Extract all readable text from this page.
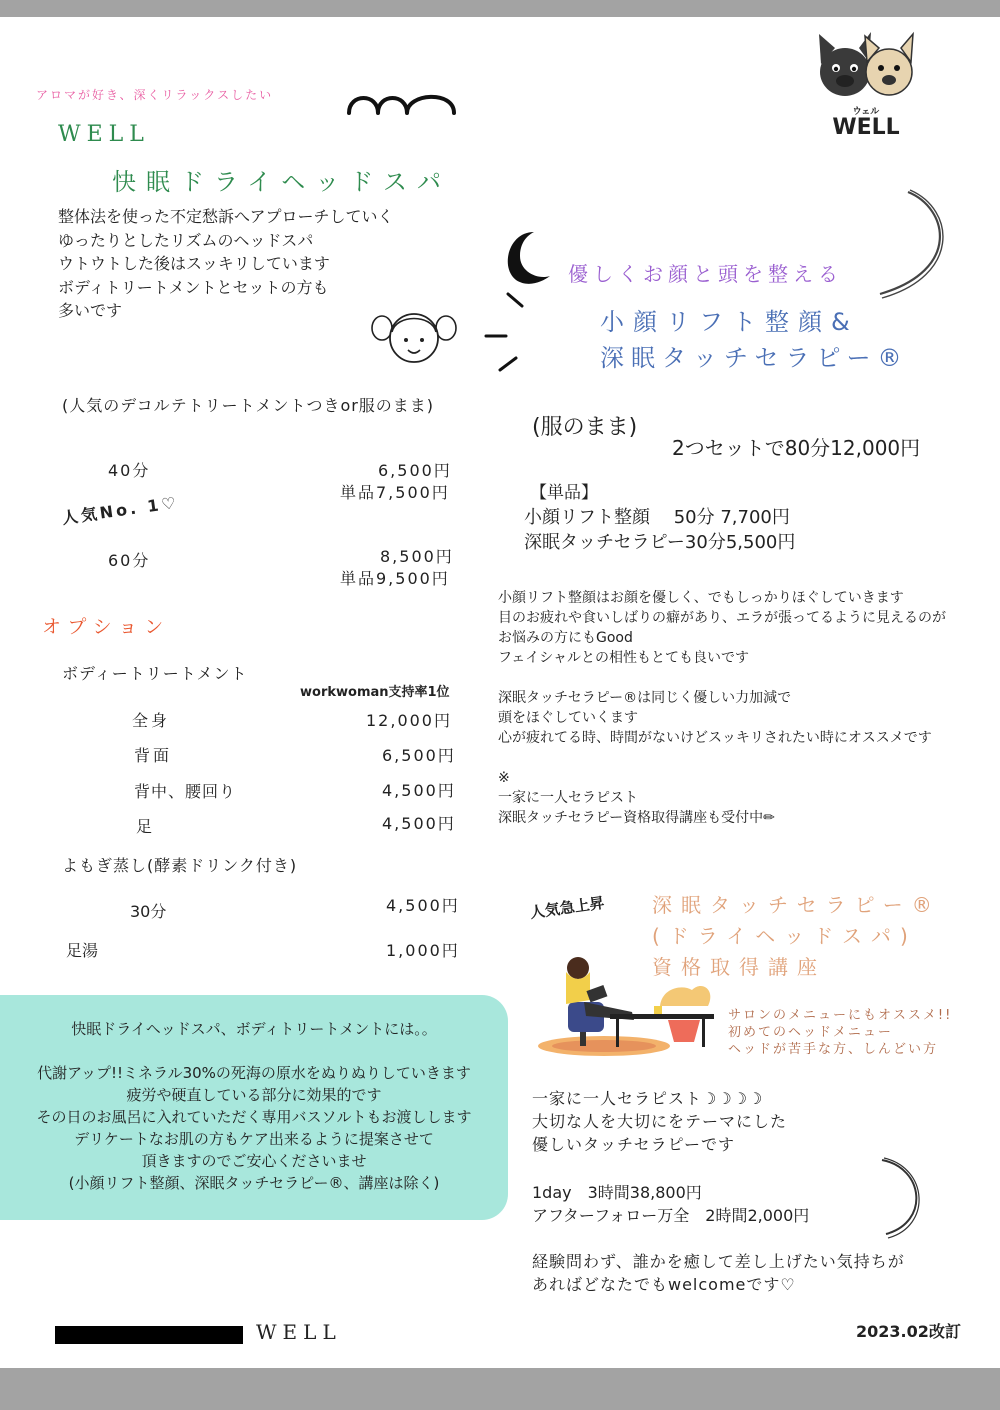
アロマが好き、深くリラックスしたい
WELL
快眠ドライヘッドスパ
整体法を使った不定愁訴へアプローチしていく
ゆったりとしたリズムのヘッドスパ
ウトウトした後はスッキリしています
ボディトリートメントとセットの方も
多いです
(人気のデコルテトリートメントつきor服のまま)
40分	6,500円
単品7,500円
人気No. 1♡
60分	8,500円
単品9,500円
オプション
ボディートリートメント
workwoman支持率1位
全身	12,000円
背面	6,500円
背中、腰回り	4,500円
足	4,500円
よもぎ蒸し(酵素ドリンク付き)
30分	4,500円
足湯	1,000円
快眠ドライヘッドスパ、ボディトリートメントには。。
代謝アップ!!ミネラル30%の死海の原水をぬりぬりしていきます
疲労や硬直している部分に効果的です
その日のお風呂に入れていただく専用バスソルトもお渡しします
デリケートなお肌の方もケア出来るように提案させて
頂きますのでご安心くださいませ
(小顔リフト整顔、深眠タッチセラピー®、講座は除く)
WELL	2023.02改訂
ウェル
WELL
優しくお顔と頭を整える
小顔リフト整顔&
深眠タッチセラピー®
(服のまま)
2つセットで80分12,000円
【単品】
小顔リフト整顔　 50分 7,700円
深眠タッチセラピー30分5,500円
小顔リフト整顔はお顔を優しく、でもしっかりほぐしていきます
目のお疲れや食いしばりの癖があり、エラが張ってるように見えるのが
お悩みの方にもGood
フェイシャルとの相性もとても良いです
深眠タッチセラピー®は同じく優しい力加減で
頭をほぐしていくます
心が疲れてる時、時間がないけどスッキリされたい時にオススメです
※
一家に一人セラピスト
深眠タッチセラピー資格取得講座も受付中✏
人気急上昇 深眠タッチセラピー®
(ドライヘッドスパ)
資格取得講座
サロンのメニューにもオススメ!!
初めてのヘッドメニュー
ヘッドが苦手な方、しんどい方
一家に一人セラピスト☽☽☽☽
大切な人を大切にをテーマにした
優しいタッチセラピーです
1day　3時間38,800円
アフターフォロー万全　2時間2,000円
経験問わず、誰かを癒して差し上げたい気持ちが
あればどなたでもwelcomeです♡
